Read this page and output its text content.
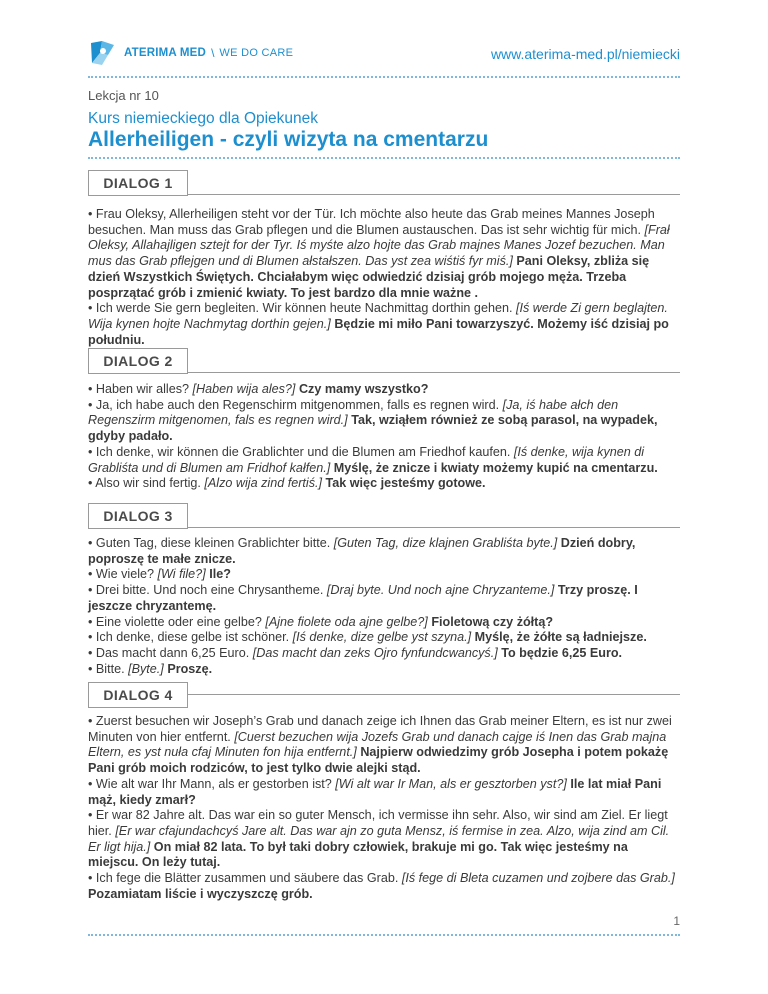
ATERIMA MED \ WE DO CARE	www.aterima-med.pl/niemiecki
Lekcja nr 10
Kurs niemieckiego dla Opiekunek
Allerheiligen - czyli wizyta na cmentarzu
DIALOG 1

• Frau Oleksy, Allerheiligen steht vor der Tür. Ich möchte also heute das Grab meines Mannes Joseph besuchen. Man muss das Grab pflegen und die Blumen austauschen. Das ist sehr wichtig für mich. [Frał Oleksy, Allahajligen sztejt for der Tyr. Iś myśte alzo hojte das Grab majnes Manes Jozef bezuchen. Man mus das Grab pflejgen und di Blumen ałstałszen. Das yst zea wiśtiś fyr miś.] Pani Oleksy, zbliża się dzień Wszystkich Świętych. Chciałabym więc odwiedzić dzisiaj grób mojego męża. Trzeba posprzątać grób i zmienić kwiaty. To jest bardzo dla mnie ważne .

• Ich werde Sie gern begleiten. Wir können heute Nachmittag dorthin gehen. [Iś werde Zi gern beglajten. Wija kynen hojte Nachmytag dorthin gejen.] Będzie mi miło Pani towarzyszyć. Możemy iść dzisiaj po południu.

DIALOG 2

• Haben wir alles? [Haben wija ales?] Czy mamy wszystko?

• Ja, ich habe auch den Regenschirm mitgenommen, falls es regnen wird. [Ja, iś habe ałch den Regenszirm mitgenomen, fals es regnen wird.] Tak, wziąłem również ze sobą parasol, na wypadek, gdyby padało.

• Ich denke, wir können die Grablichter und die Blumen am Friedhof kaufen. [Iś denke, wija kynen di Grabliśta und di Blumen am Fridhof kałfen.] Myślę, że znicze i kwiaty możemy kupić na cmentarzu.

• Also wir sind fertig. [Alzo wija zind fertiś.] Tak więc jesteśmy gotowe.

DIALOG 3

• Guten Tag, diese kleinen Grablichter bitte. [Guten Tag, dize klajnen Grabliśta byte.] Dzień dobry, poproszę te małe znicze.

• Wie viele? [Wi file?] Ile?

• Drei bitte. Und noch eine Chrysantheme. [Draj byte. Und noch ajne Chryzanteme.] Trzy proszę. I jeszcze chryzantemę.

• Eine violette oder eine gelbe? [Ajne fiolete oda ajne gelbe?] Fioletową czy żółtą?

• Ich denke, diese gelbe ist schöner. [Iś denke, dize gelbe yst szyna.] Myślę, że żółte są ładniejsze.

• Das macht dann 6,25 Euro. [Das macht dan zeks Ojro fynfundcwancyś.] To będzie 6,25 Euro.

• Bitte. [Byte.] Proszę.

DIALOG 4

• Zuerst besuchen wir Joseph’s Grab und danach zeige ich Ihnen das Grab meiner Eltern, es ist nur zwei Minuten von hier entfernt. [Cuerst bezuchen wija Jozefs Grab und danach cajge iś Inen das Grab majna Eltern, es yst nuła cfaj Minuten fon hija entfernt.] Najpierw odwiedzimy grób Josepha i potem pokażę Pani grób moich rodziców, to jest tylko dwie alejki stąd.

• Wie alt war Ihr Mann, als er gestorben ist? [Wi alt war Ir Man, als er gesztorben yst?] Ile lat miał Pani mąż, kiedy zmarł?

• Er war 82 Jahre alt. Das war ein so guter Mensch, ich vermisse ihn sehr. Also, wir sind am Ziel. Er liegt hier. [Er war cfajundachcyś Jare alt. Das war ajn zo guta Mensz, iś fermise in zea. Alzo, wija zind am Cil. Er ligt hija.] On miał 82 lata. To był taki dobry człowiek, brakuje mi go. Tak więc jesteśmy na miejscu. On leży tutaj.

• Ich fege die Blätter zusammen und säubere das Grab. [Iś fege di Bleta cuzamen und zojbere das Grab.] Pozamiatam liście i wyczyszczę grób.

1
